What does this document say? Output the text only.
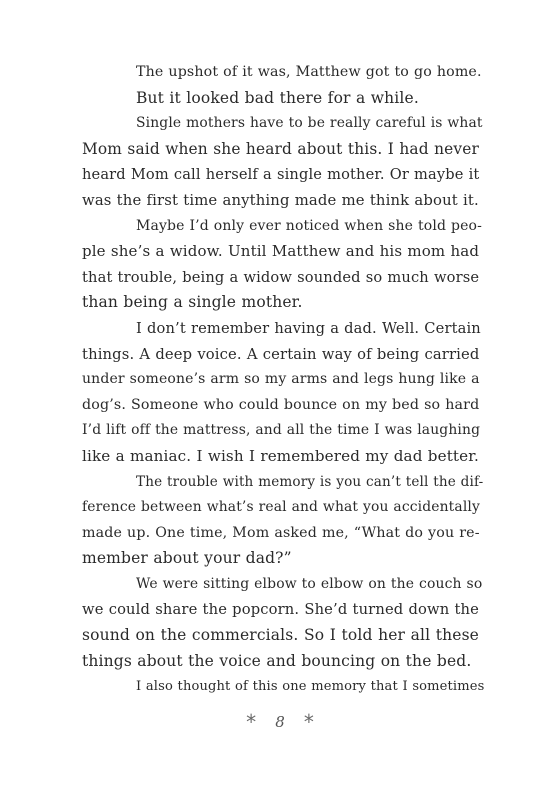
The upshot of it was, Matthew got to go home.
But it looked bad there for a while.
Single mothers have to be really careful is what
Mom said when she heard about this. I had never
heard Mom call herself a single mother. Or maybe it
was the first time anything made me think about it.
Maybe I’d only ever noticed when she told peo-
ple she’s a widow. Until Matthew and his mom had
that trouble, being a widow sounded so much worse
than being a single mother.
I don’t remember having a dad. Well. Certain
things. A deep voice. A certain way of being carried
under someone’s arm so my arms and legs hung like a
dog’s. Someone who could bounce on my bed so hard
I’d lift off the mattress, and all the time I was laughing
like a maniac. I wish I remembered my dad better.
The trouble with memory is you can’t tell the dif-
ference between what’s real and what you accidentally
made up. One time, Mom asked me, “What do you re-
member about your dad?”
We were sitting elbow to elbow on the couch so
we could share the popcorn. She’d turned down the
sound on the commercials. So I told her all these
things about the voice and bouncing on the bed.
I also thought of this one memory that I sometimes
* 8 *
